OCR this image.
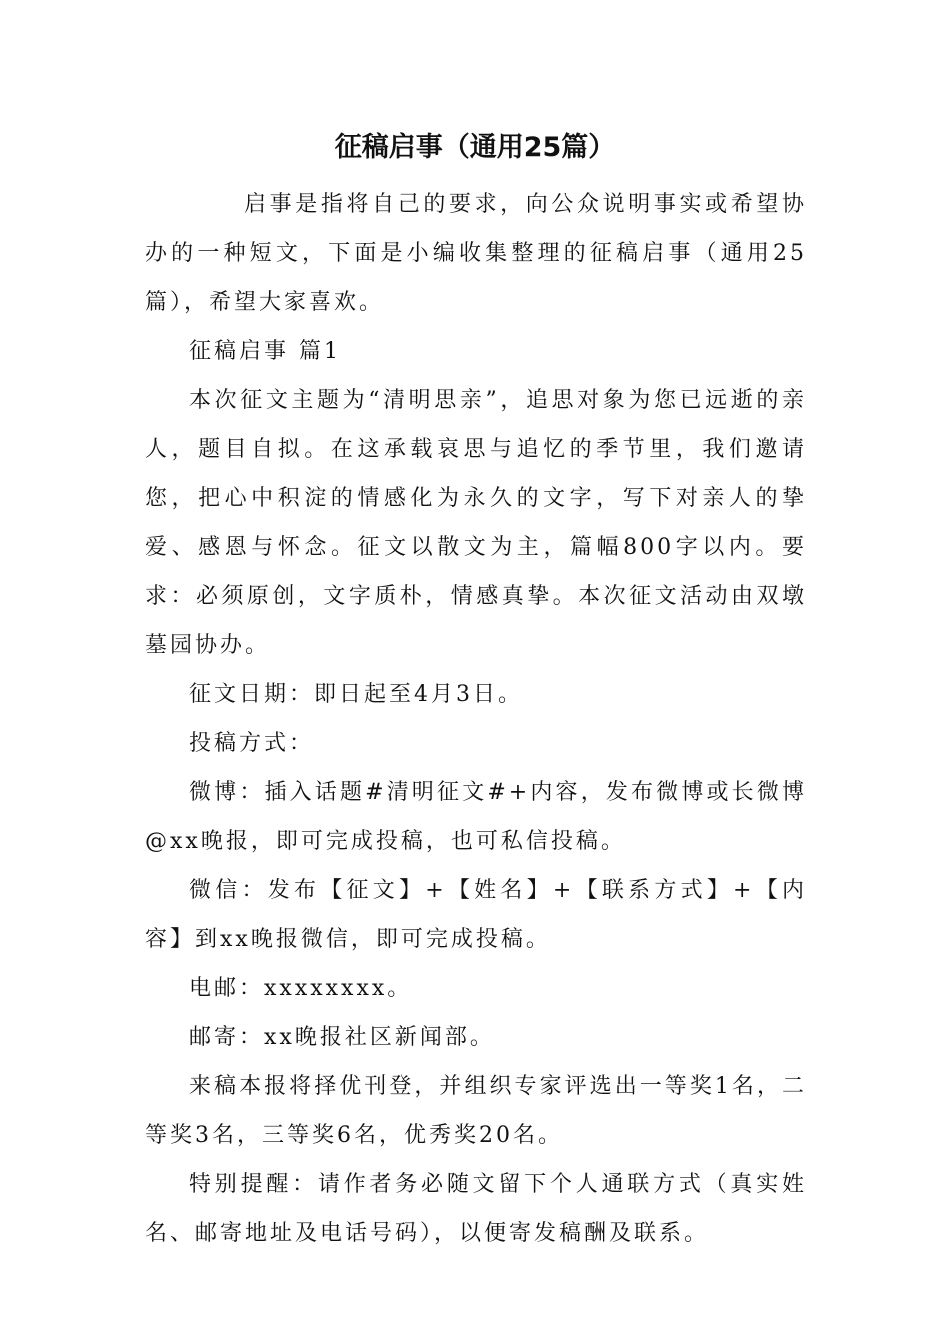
征稿启事（通用25篇）

启事是指将自己的要求，向公众说明事实或希望协办的一种短文，下面是小编收集整理的征稿启事（通用25篇），希望大家喜欢。

征稿启事 篇1

本次征文主题为“清明思亲”，追思对象为您已远逝的亲人，题目自拟。在这承载哀思与追忆的季节里，我们邀请您，把心中积淀的情感化为永久的文字，写下对亲人的挚爱、感恩与怀念。征文以散文为主，篇幅800字以内。要求：必须原创，文字质朴，情感真挚。本次征文活动由双墩墓园协办。

征文日期：即日起至4月3日。

投稿方式：

微博：插入话题#清明征文#+内容，发布微博或长微博@xx晚报，即可完成投稿，也可私信投稿。

微信：发布【征文】+【姓名】+【联系方式】+【内容】到xx晚报微信，即可完成投稿。

电邮：xxxxxxxx。

邮寄：xx晚报社区新闻部。

来稿本报将择优刊登，并组织专家评选出一等奖1名，二等奖3名，三等奖6名，优秀奖20名。

特别提醒：请作者务必随文留下个人通联方式（真实姓名、邮寄地址及电话号码），以便寄发稿酬及联系。
